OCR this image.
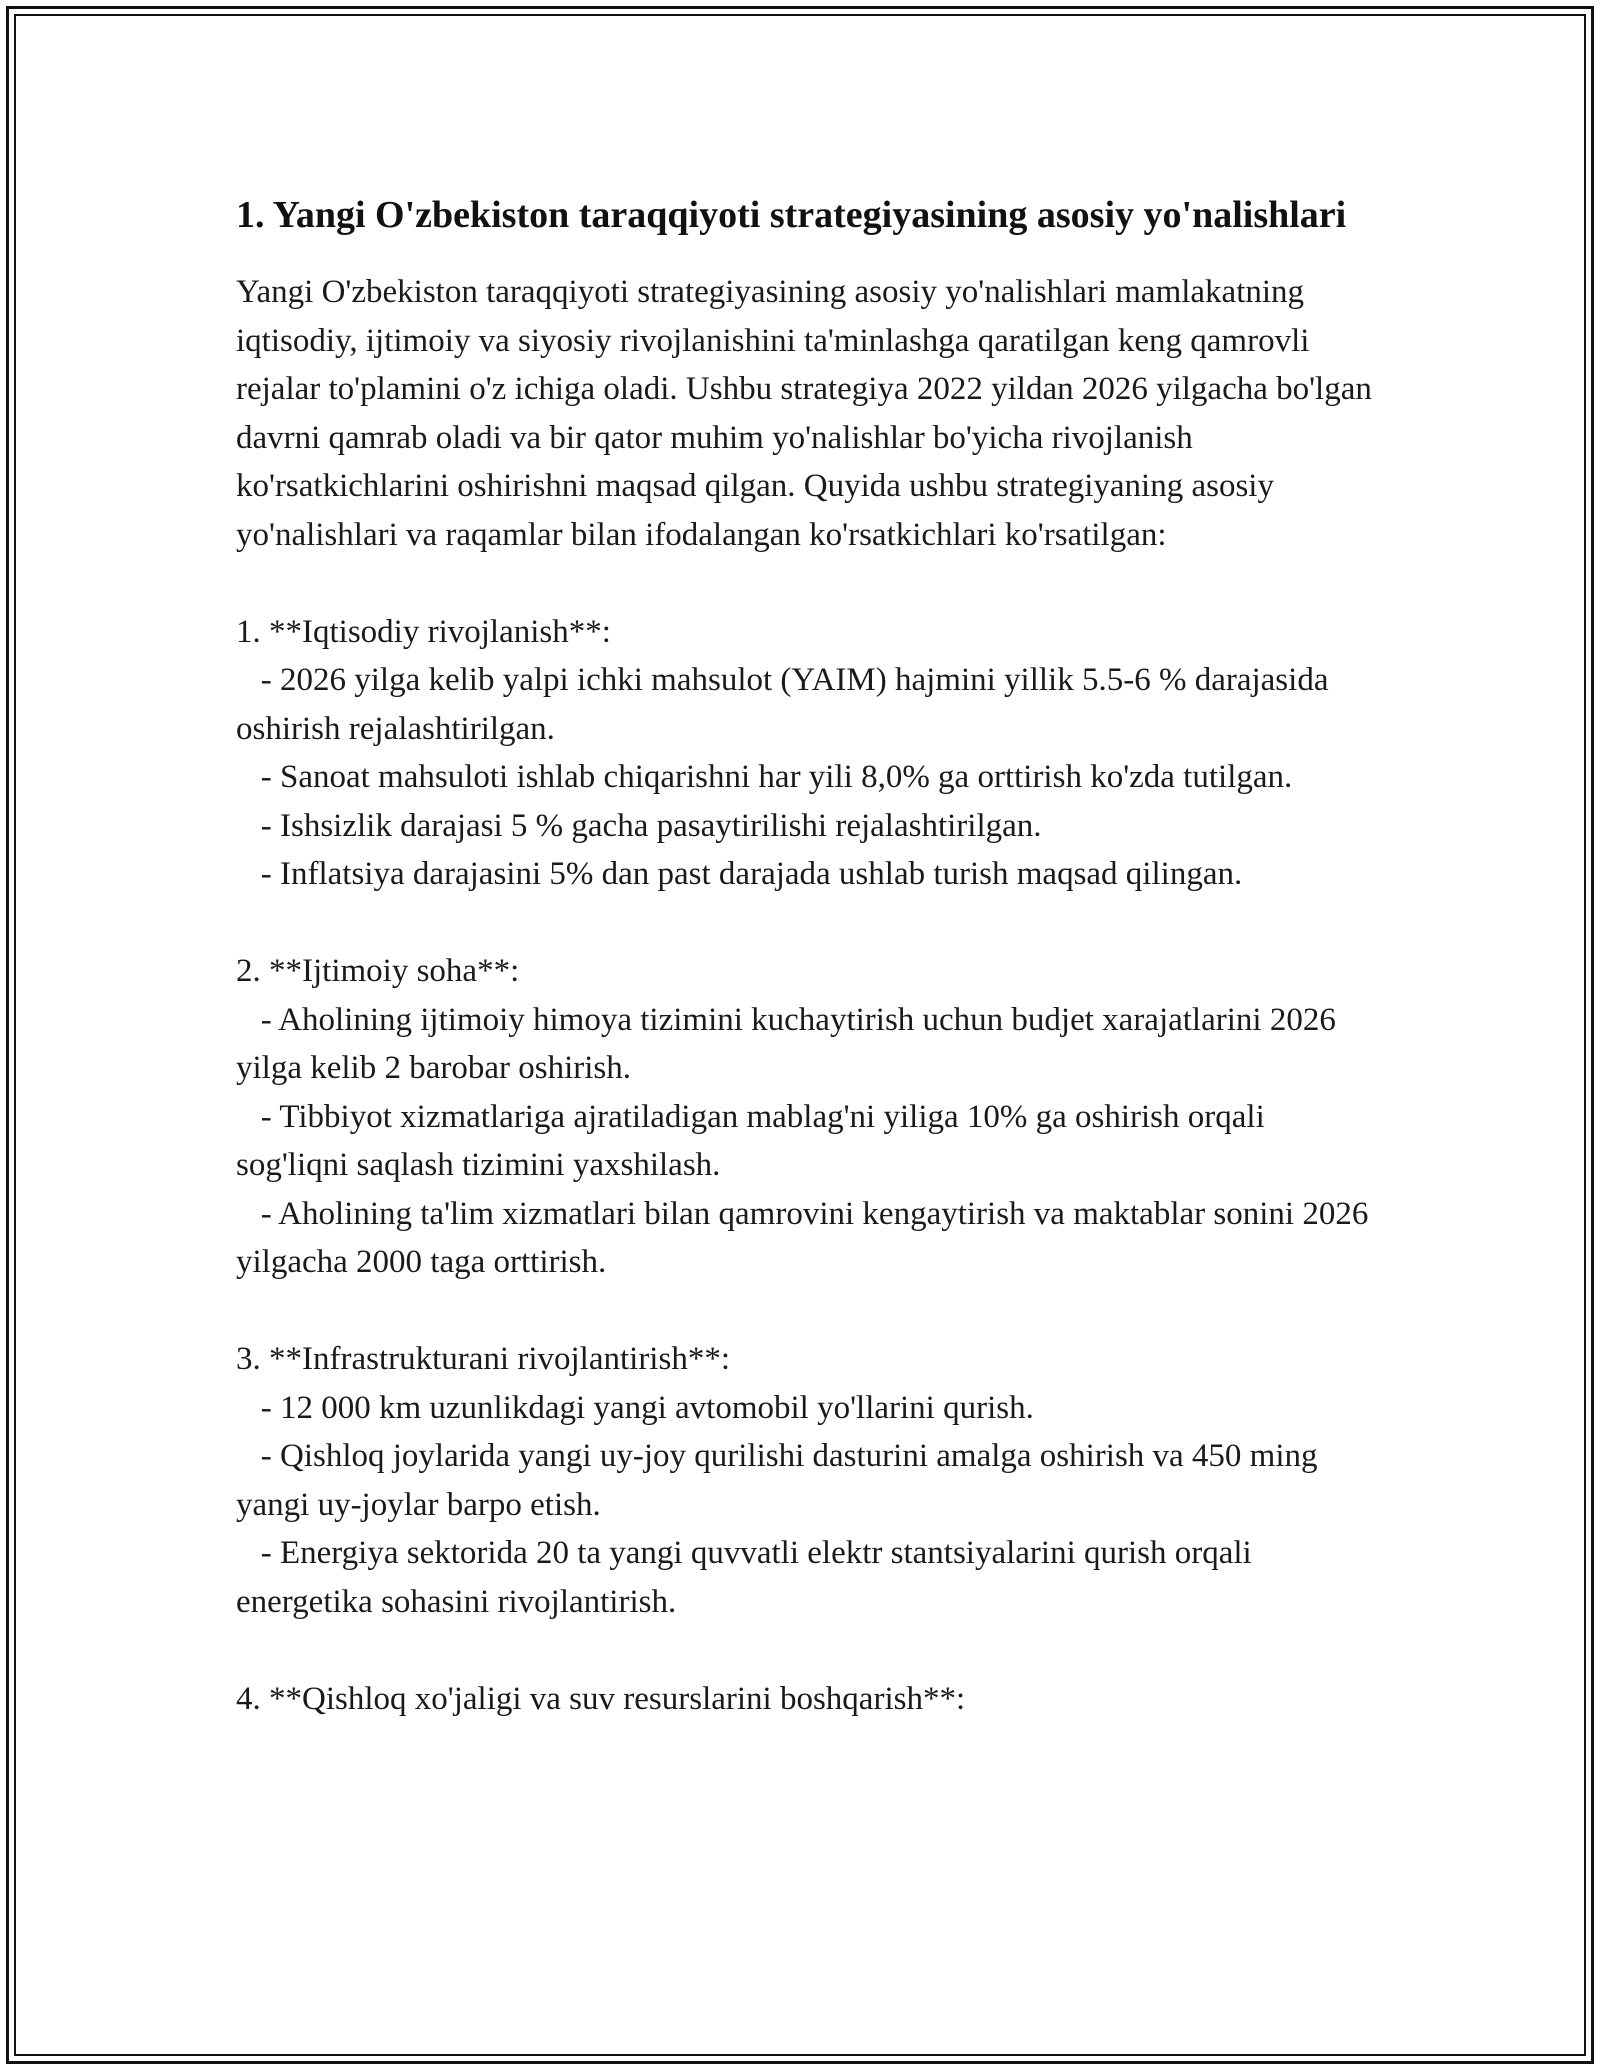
1. Yangi O'zbekiston taraqqiyoti strategiyasining asosiy yo'nalishlari

Yangi O'zbekiston taraqqiyoti strategiyasining asosiy yo'nalishlari mamlakatning iqtisodiy, ijtimoiy va siyosiy rivojlanishini ta'minlashga qaratilgan keng qamrovli rejalar to'plamini o'z ichiga oladi. Ushbu strategiya 2022 yildan 2026 yilgacha bo'lgan davrni qamrab oladi va bir qator muhim yo'nalishlar bo'yicha rivojlanish ko'rsatkichlarini oshirishni maqsad qilgan. Quyida ushbu strategiyaning asosiy yo'nalishlari va raqamlar bilan ifodalangan ko'rsatkichlari ko'rsatilgan:

1. **Iqtisodiy rivojlanish**:

- 2026 yilga kelib yalpi ichki mahsulot (YAIM) hajmini yillik 5.5-6 % darajasida oshirish rejalashtirilgan.

- Sanoat mahsuloti ishlab chiqarishni har yili 8,0% ga orttirish ko'zda tutilgan.

- Ishsizlik darajasi 5 % gacha pasaytirilishi rejalashtirilgan.

- Inflatsiya darajasini 5% dan past darajada ushlab turish maqsad qilingan.

2. **Ijtimoiy soha**:

- Aholining ijtimoiy himoya tizimini kuchaytirish uchun budjet xarajatlarini 2026 yilga kelib 2 barobar oshirish.

- Tibbiyot xizmatlariga ajratiladigan mablag'ni yiliga 10% ga oshirish orqali sog'liqni saqlash tizimini yaxshilash.

- Aholining ta'lim xizmatlari bilan qamrovini kengaytirish va maktablar sonini 2026 yilgacha 2000 taga orttirish.

3. **Infrastrukturani rivojlantirish**:

- 12 000 km uzunlikdagi yangi avtomobil yo'llarini qurish.

- Qishloq joylarida yangi uy-joy qurilishi dasturini amalga oshirish va 450 ming yangi uy-joylar barpo etish.

- Energiya sektorida 20 ta yangi quvvatli elektr stantsiyalarini qurish orqali energetika sohasini rivojlantirish.

4. **Qishloq xo'jaligi va suv resurslarini boshqarish**:
